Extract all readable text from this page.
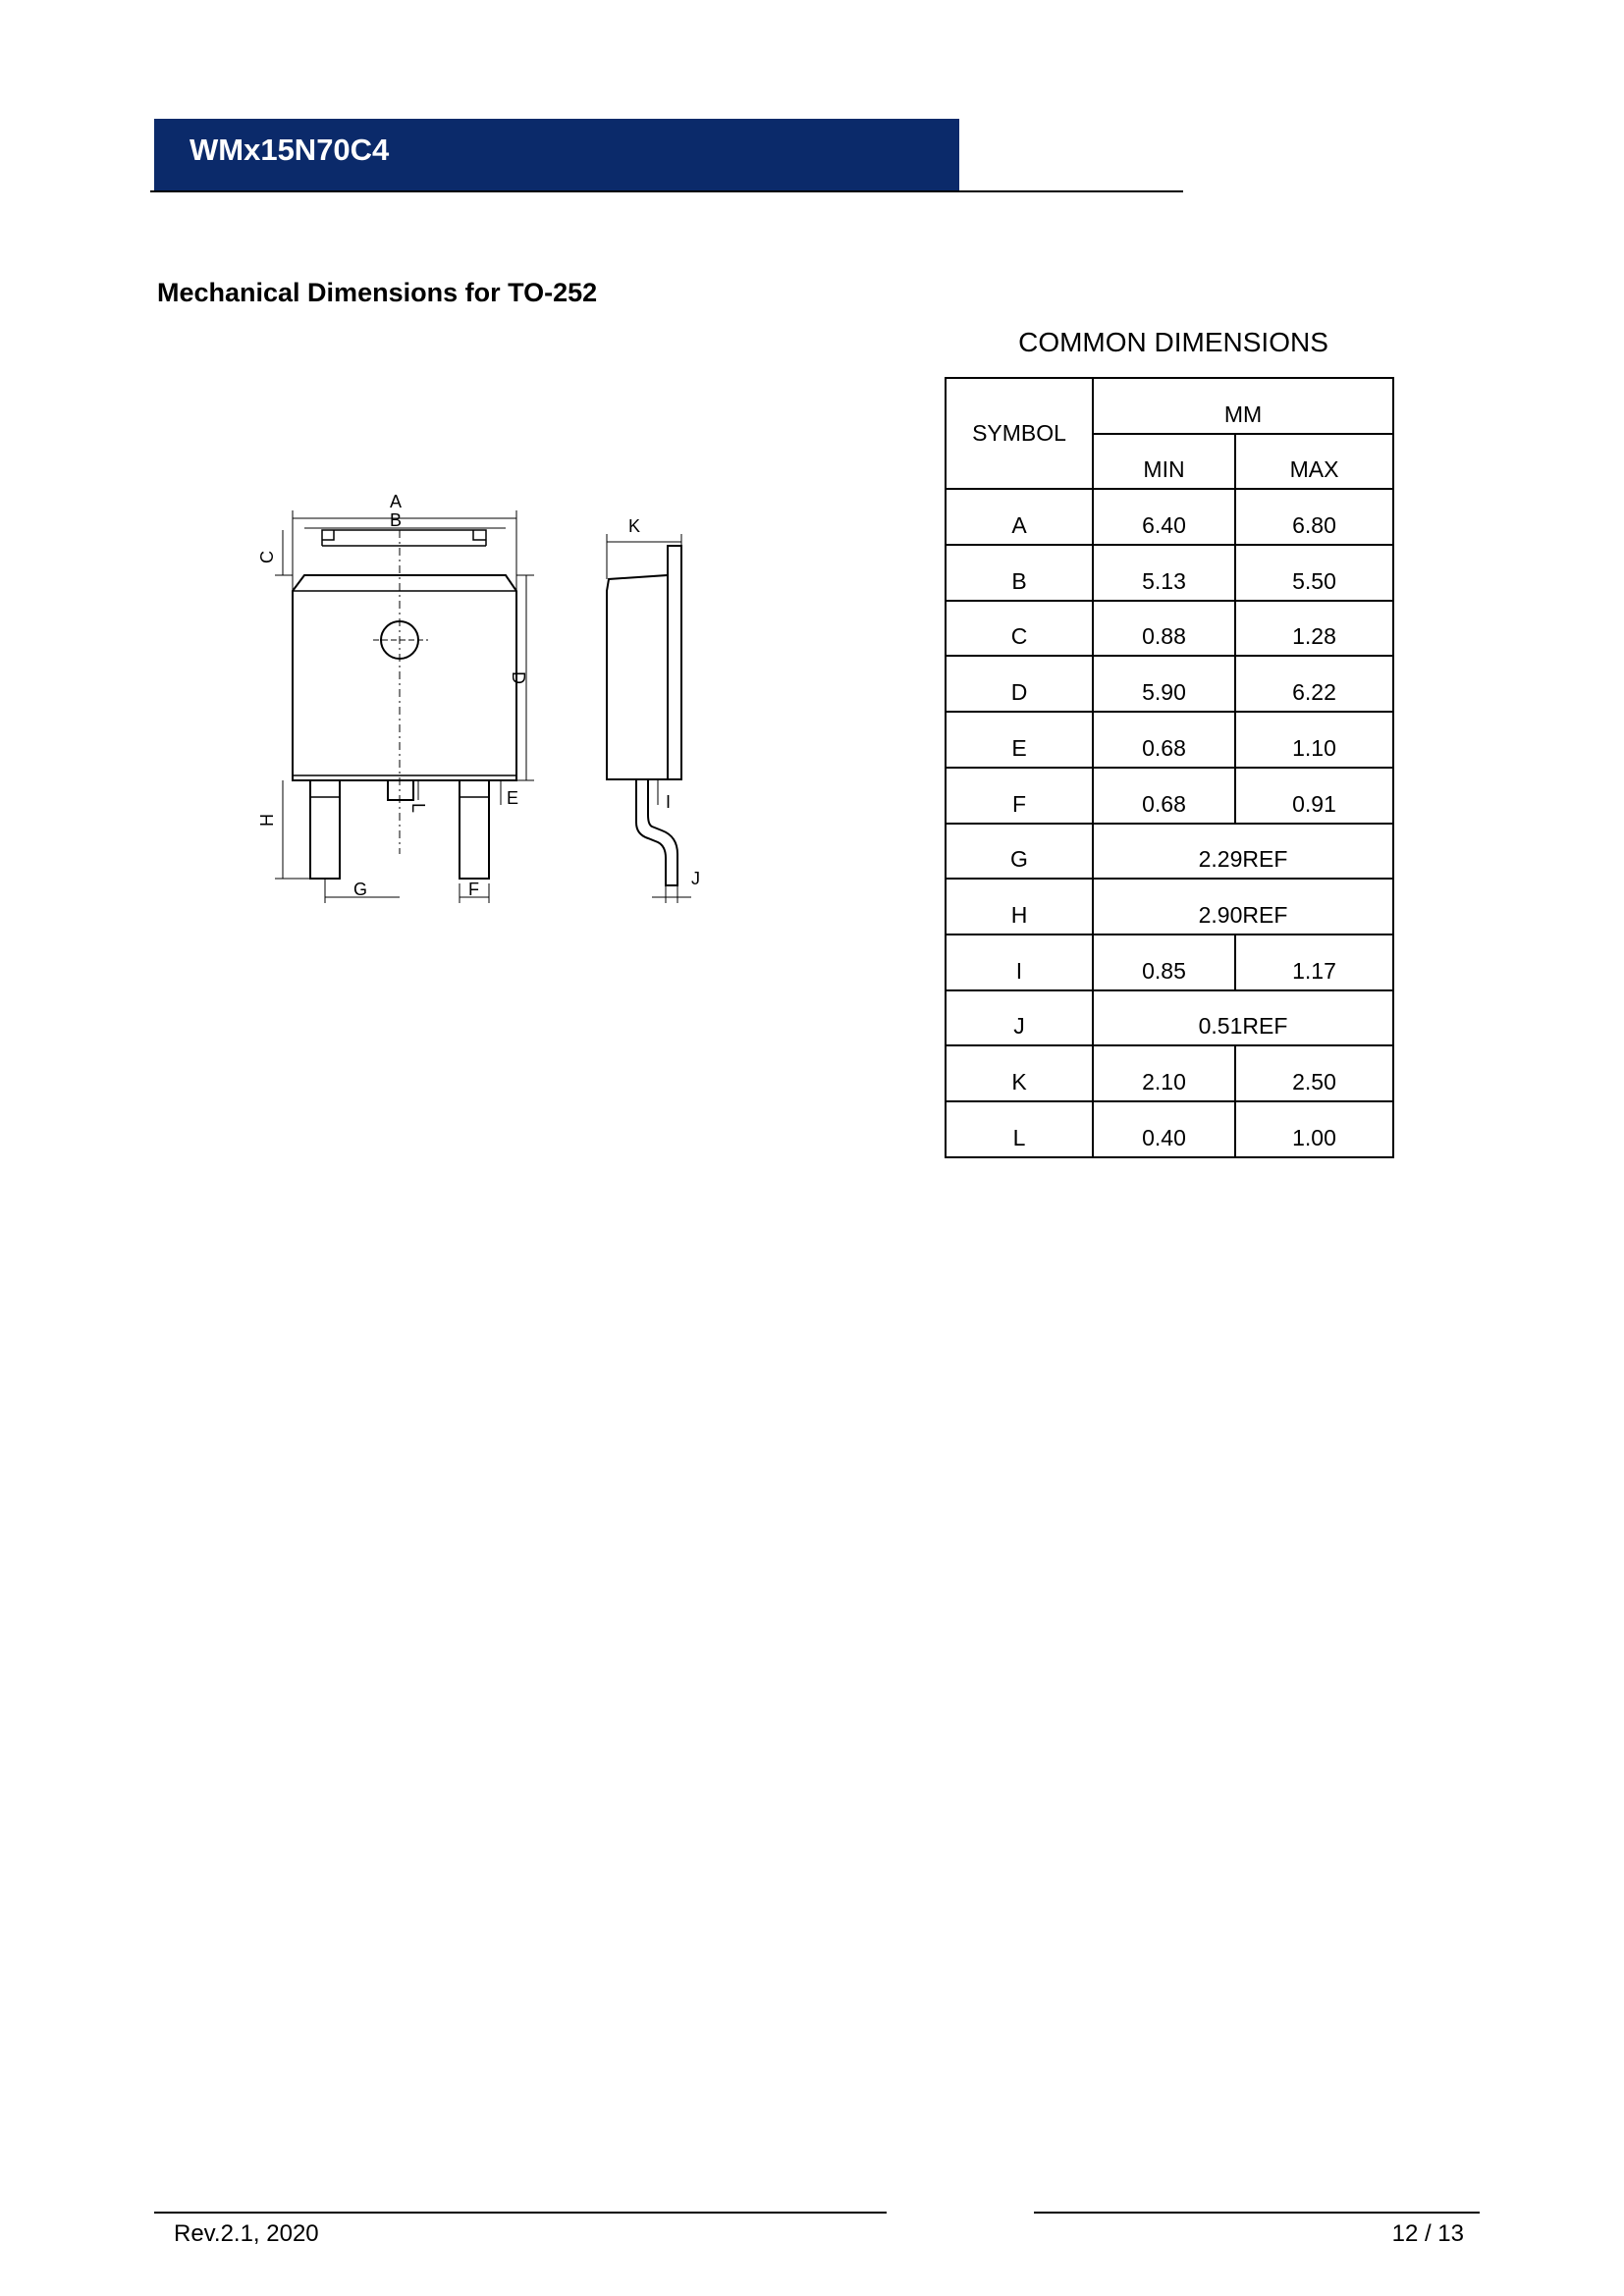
WMx15N70C4
Mechanical Dimensions for TO-252
A
B
C
D
E
F
G
H
L
K
I
J
COMMON DIMENSIONS
SYMBOL	MM	
	MIN	MAX
A	6.40	6.80
B	5.13	5.50
C	0.88	1.28
D	5.90	6.22
E	0.68	1.10
F	0.68	0.91
G	2.29REF	
H	2.90REF	
I	0.85	1.17
J	0.51REF	
K	2.10	2.50
L	0.40	1.00
Rev.2.1, 2020	12 / 13
